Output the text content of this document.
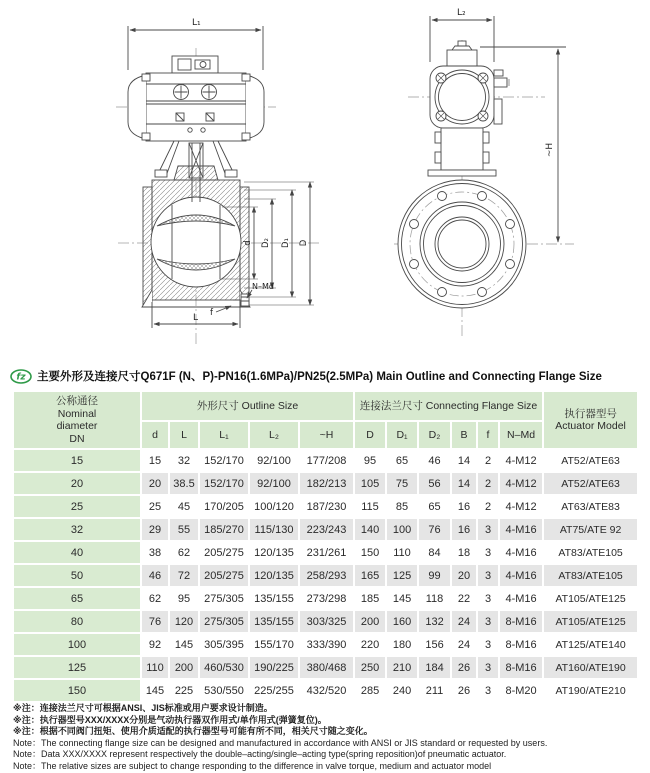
L₁
d D₂ D₁ D
N–Md
f
L
L₂
~H
fz 主要外形及连接尺寸Q671F (N、P)-PN16(1.6MPa)/PN25(2.5MPa) Main Outline and Connecting Flange Size
公称通径
Nominal
diameter
DN	外形尺寸 Outline Size					连接法兰尺寸 Connecting Flange Size						执行器型号
Actuator Model
	d	L	L₁	L₂	~H	D	D₁	D₂	B	f	N–Md	
15	15	32	152/170	92/100	177/208	95	65	46	14	2	4-M12	AT52/ATE63
20	20	38.5	152/170	92/100	182/213	105	75	56	14	2	4-M12	AT52/ATE63
25	25	45	170/205	100/120	187/230	115	85	65	16	2	4-M12	AT63/ATE83
32	29	55	185/270	115/130	223/243	140	100	76	16	3	4-M16	AT75/ATE 92
40	38	62	205/275	120/135	231/261	150	110	84	18	3	4-M16	AT83/ATE105
50	46	72	205/275	120/135	258/293	165	125	99	20	3	4-M16	AT83/ATE105
65	62	95	275/305	135/155	273/298	185	145	118	22	3	4-M16	AT105/ATE125
80	76	120	275/305	135/155	303/325	200	160	132	24	3	8-M16	AT105/ATE125
100	92	145	305/395	155/170	333/390	220	180	156	24	3	8-M16	AT125/ATE140
125	110	200	460/530	190/225	380/468	250	210	184	26	3	8-M16	AT160/ATE190
150	145	225	530/550	225/255	432/520	285	240	211	26	3	8-M20	AT190/ATE210
※注：连接法兰尺寸可根据ANSI、JIS标准或用户要求设计制造。
※注：执行器型号XXX/XXXX分别是气动执行器双作用式/单作用式(弹簧复位)。
※注：根据不同阀门扭矩、使用介质适配的执行器型号可能有所不同，相关尺寸随之变化。
Note：The connecting flange size can be designed and manufactured in accordance with ANSI or JIS standard or requested by users.
Note：Data XXX/XXXX represent respectively the double–acting/single–acting type(spring reposition)of pneumatic actuator.
Note：The relative sizes are subject to change responding to the difference in valve torque, medium and actuator model
